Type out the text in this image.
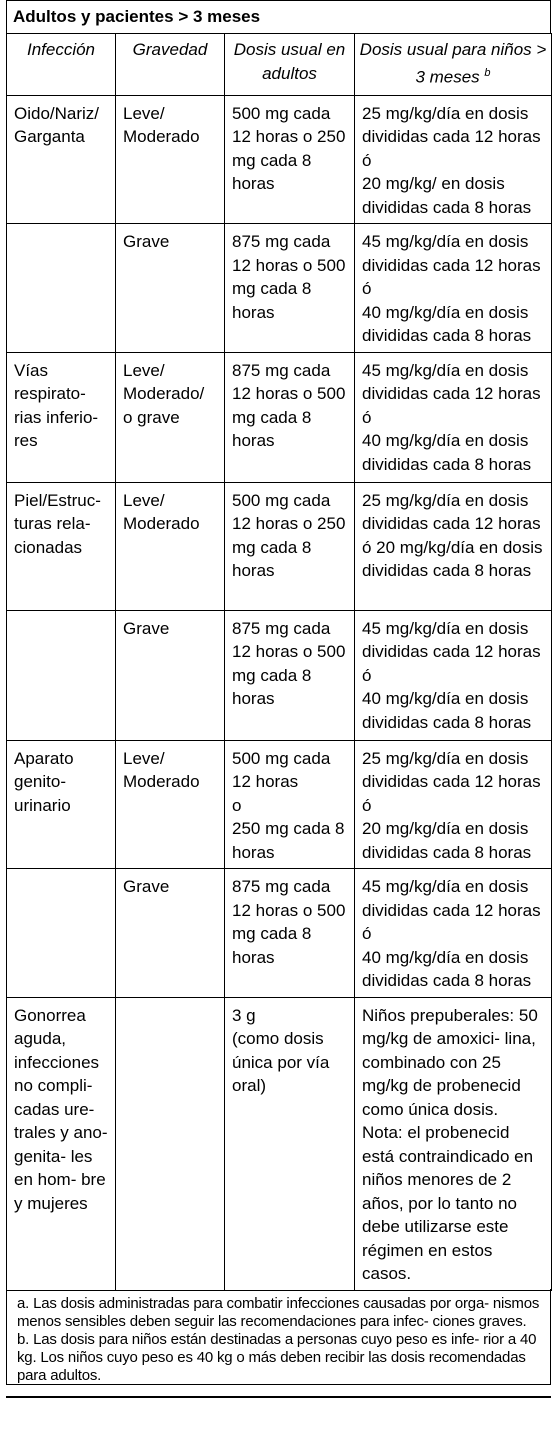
Adultos y pacientes > 3 meses
Infección	Gravedad	Dosis usual en adultos	Dosis usual para niños > 3 meses $^b$
Oido/Nariz/ Garganta	Leve/ Moderado	500 mg cada 12 horas o 250 mg cada 8 horas	25 mg/kg/día en dosis divididas cada 12 horas ó
20 mg/kg/ en dosis divididas cada 8 horas

	Grave	875 mg cada 12 horas o 500 mg cada 8 horas	45 mg/kg/día en dosis divididas cada 12 horas ó
40 mg/kg/día en dosis divididas cada 8 horas

Vías respirato- rias inferio- res	Leve/ Moderado/ o grave	875 mg cada 12 horas o 500 mg cada 8 horas	45 mg/kg/día en dosis divididas cada 12 horas ó
40 mg/kg/día en dosis divididas cada 8 horas

Piel/Estruc- turas rela- cionadas	Leve/ Moderado	500 mg cada 12 horas o 250 mg cada 8 horas	25 mg/kg/día en dosis divididas cada 12 horas ó 20 mg/kg/día en dosis divididas cada 8 horas

	Grave	875 mg cada 12 horas o 500 mg cada 8 horas	45 mg/kg/día en dosis divididas cada 12 horas ó
40 mg/kg/día en dosis divididas cada 8 horas

Aparato genito- urinario	Leve/ Moderado	500 mg cada 12 horas
o
250 mg cada 8 horas	25 mg/kg/día en dosis divididas cada 12 horas ó
20 mg/kg/día en dosis divididas cada 8 horas

	Grave	875 mg cada 12 horas o 500 mg cada 8 horas	45 mg/kg/día en dosis divididas cada 12 horas ó
40 mg/kg/día en dosis divididas cada 8 horas

Gonorrea aguda, infecciones no compli- cadas ure- trales y ano-genita- les en hom- bre y mujeres		3 g
(como dosis única por vía oral)	Niños prepuberales: 50 mg/kg de amoxici- lina, combinado con 25 mg/kg de probenecid como única dosis.
Nota: el probenecid está contraindicado en niños menores de 2 años, por lo tanto no debe utilizarse este régimen en estos casos.

a. Las dosis administradas para combatir infecciones causadas por orga- nismos menos sensibles deben seguir las recomendaciones para infec- ciones graves.

b. Las dosis para niños están destinadas a personas cuyo peso es infe- rior a 40 kg. Los niños cuyo peso es 40 kg o más deben recibir las dosis recomendadas para adultos.
